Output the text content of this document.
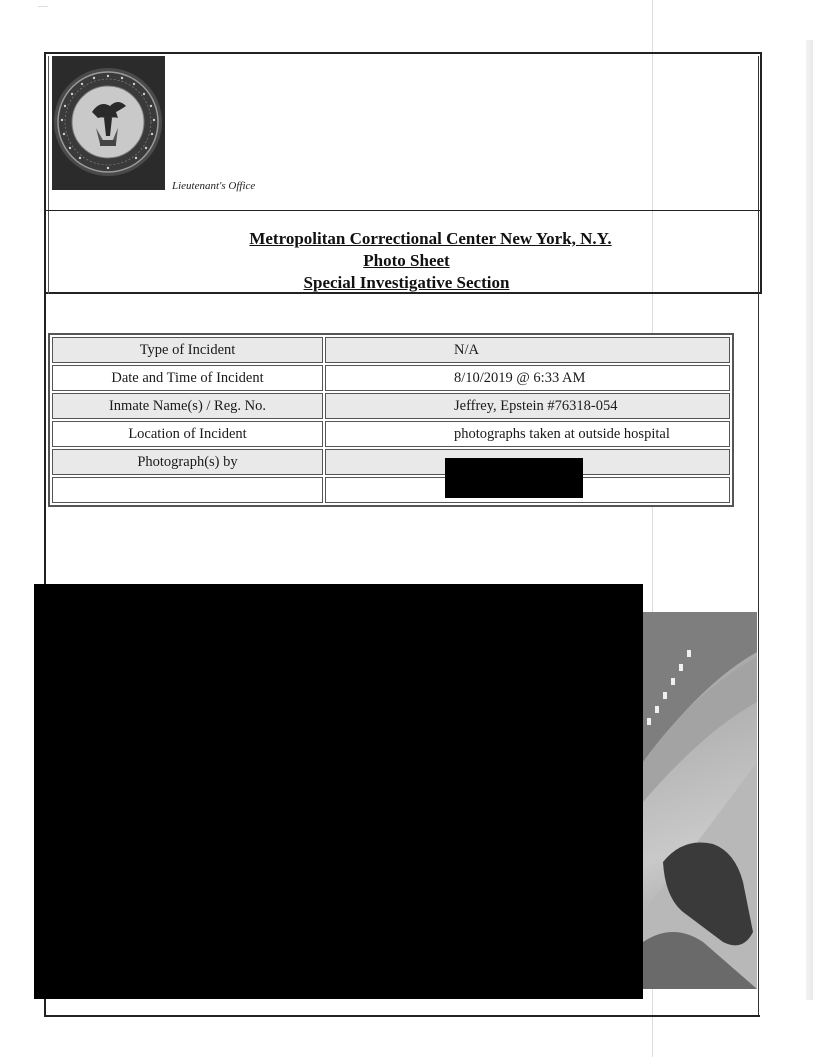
Lieutenant's Office
Metropolitan Correctional Center New York, N.Y.
Photo Sheet
Special Investigative Section
Type of Incident	N/A
Date and Time of Incident	8/10/2019 @ 6:33 AM
Inmate Name(s) / Reg. No.	Jeffrey, Epstein #76318-054
Location of Incident	photographs taken at outside hospital
Photograph(s) by	
